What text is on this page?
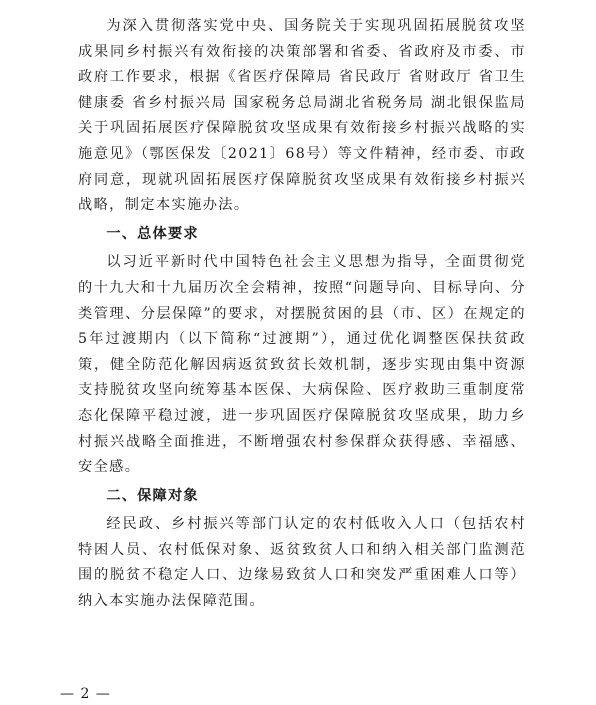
为深入贯彻落实党中央、国务院关于实现巩固拓展脱贫攻坚成果同乡村振兴有效衔接的决策部署和省委、省政府及市委、市政府工作要求，根据《省医疗保障局 省民政厅 省财政厅 省卫生健康委 省乡村振兴局 国家税务总局湖北省税务局 湖北银保监局关于巩固拓展医疗保障脱贫攻坚成果有效衔接乡村振兴战略的实施意见》（鄂医保发〔2021〕68号）等文件精神，经市委、市政府同意，现就巩固拓展医疗保障脱贫攻坚成果有效衔接乡村振兴战略，制定本实施办法。

一、总体要求

以习近平新时代中国特色社会主义思想为指导，全面贯彻党的十九大和十九届历次全会精神，按照“问题导向、目标导向、分类管理、分层保障”的要求，对摆脱贫困的县（市、区）在规定的5年过渡期内（以下简称“过渡期”），通过优化调整医保扶贫政策，健全防范化解因病返贫致贫长效机制，逐步实现由集中资源支持脱贫攻坚向统筹基本医保、大病保险、医疗救助三重制度常态化保障平稳过渡，进一步巩固医疗保障脱贫攻坚成果，助力乡村振兴战略全面推进，不断增强农村参保群众获得感、幸福感、安全感。

二、保障对象

经民政、乡村振兴等部门认定的农村低收入人口（包括农村特困人员、农村低保对象、返贫致贫人口和纳入相关部门监测范围的脱贫不稳定人口、边缘易致贫人口和突发严重困难人口等）纳入本实施办法保障范围。

— 2 —
